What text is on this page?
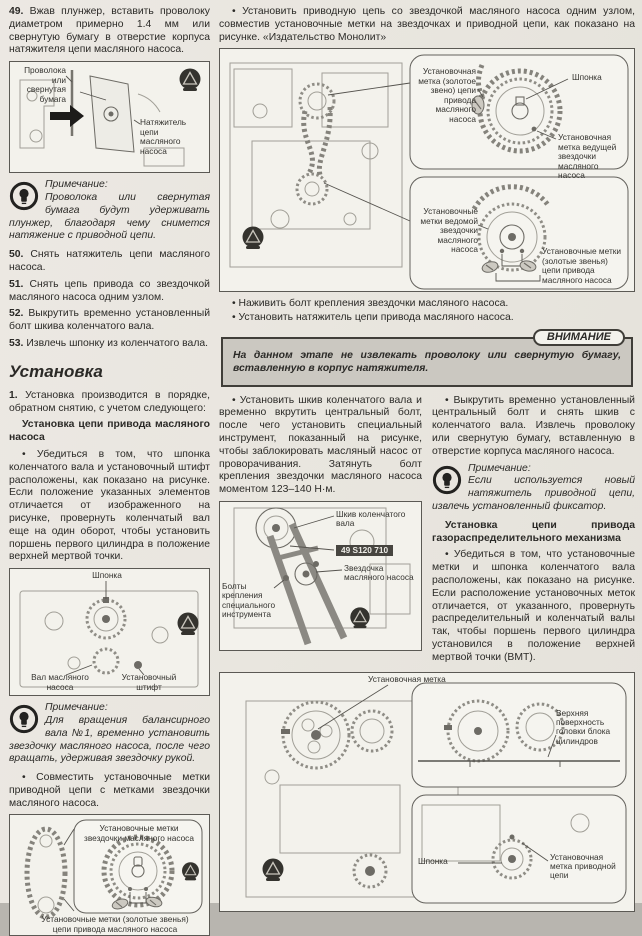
49. Вжав плунжер, вставить проволоку диаметром примерно 1.4 мм или свернутую бумагу в отверстие корпуса натяжителя цепи масляного насоса.

Проволока или свернутая бумага
Натяжитель цепи масляного насоса

Примечание:

Проволока или свернутая бумага будут удерживать плунжер, благодаря чему снимется натяжение с приводной цепи.

50. Снять натяжитель цепи масляного насоса.

51. Снять цепь привода со звездочкой масляного насоса одним узлом.

52. Выкрутить временно установленный болт шкива коленчатого вала.

53. Извлечь шпонку из коленчатого вала.

Установка

1. Установка производится в порядке, обратном снятию, с учетом следующего:

Установка цепи привода масляного насоса

• Убедиться в том, что шпонка коленчатого вала и установочный штифт расположены, как показано на рисунке. Если положение указанных элементов отличается от изображенного на рисунке, провернуть коленчатый вал еще на один оборот, чтобы установить поршень первого цилиндра в положение верхней мертвой точки.

Шпонка
Вал масляного насоса
Установочный штифт

Примечание:

Для вращения балансирного вала №1, временно установить звездочку масляного насоса, после чего вращать, удерживая звездочку рукой.

• Совместить установочные метки приводной цепи с метками звездочки масляного насоса.

Установочные метки звездочки масляного насоса
Установочные метки (золотые звенья) цепи привода масляного насоса

• Установить приводную цепь со звездочкой масляного насоса одним узлом, совместив установочные метки на звездочках и приводной цепи, как показано на рисунке. «Издательство Монолит»

Установочная метка (золотое звено) цепи привода масляного насоса
Шпонка
Установочная метка ведущей звездочки масляного насоса
Установочные метки ведомой звездочки масляного насоса	Установочные метки (золотые звенья) цепи привода масляного насоса

• Наживить болт крепления звездочки масляного насоса.

• Установить натяжитель цепи привода масляного насоса.

ВНИМАНИЕ

На данном этапе не извлекать проволоку или свернутую бумагу, вставленную в корпус натяжителя.

• Установить шкив коленчатого вала и временно вкрутить центральный болт, после чего установить специальный инструмент, показанный на рисунке, чтобы заблокировать масляный насос от проворачивания. Затянуть болт крепления звездочки масляного насоса моментом 123–140 Н·м.

Шкив коленчатого вала
49 S120 710
Звездочка масляного насоса
Болты крепления специального инструмента

• Выкрутить временно установленный центральный болт и снять шкив с коленчатого вала. Извлечь проволоку или свернутую бумагу, вставленную в отверстие корпуса масляного насоса.

Примечание:

Если используется новый натяжитель приводной цепи, извлечь установленный фиксатор.

Установка цепи привода газораспределительного механизма

• Убедиться в том, что установочные метки и шпонка коленчатого вала расположены, как показано на рисунке. Если расположение установочных меток отличается, от указанного, провернуть распределительный и коленчатый валы так, чтобы поршень первого цилиндра установился в положение верхней мертвой точки (ВМТ).

Установочная метка
Верхняя поверхность головки блока цилиндров
Шпонка	Установочная метка приводной цепи
